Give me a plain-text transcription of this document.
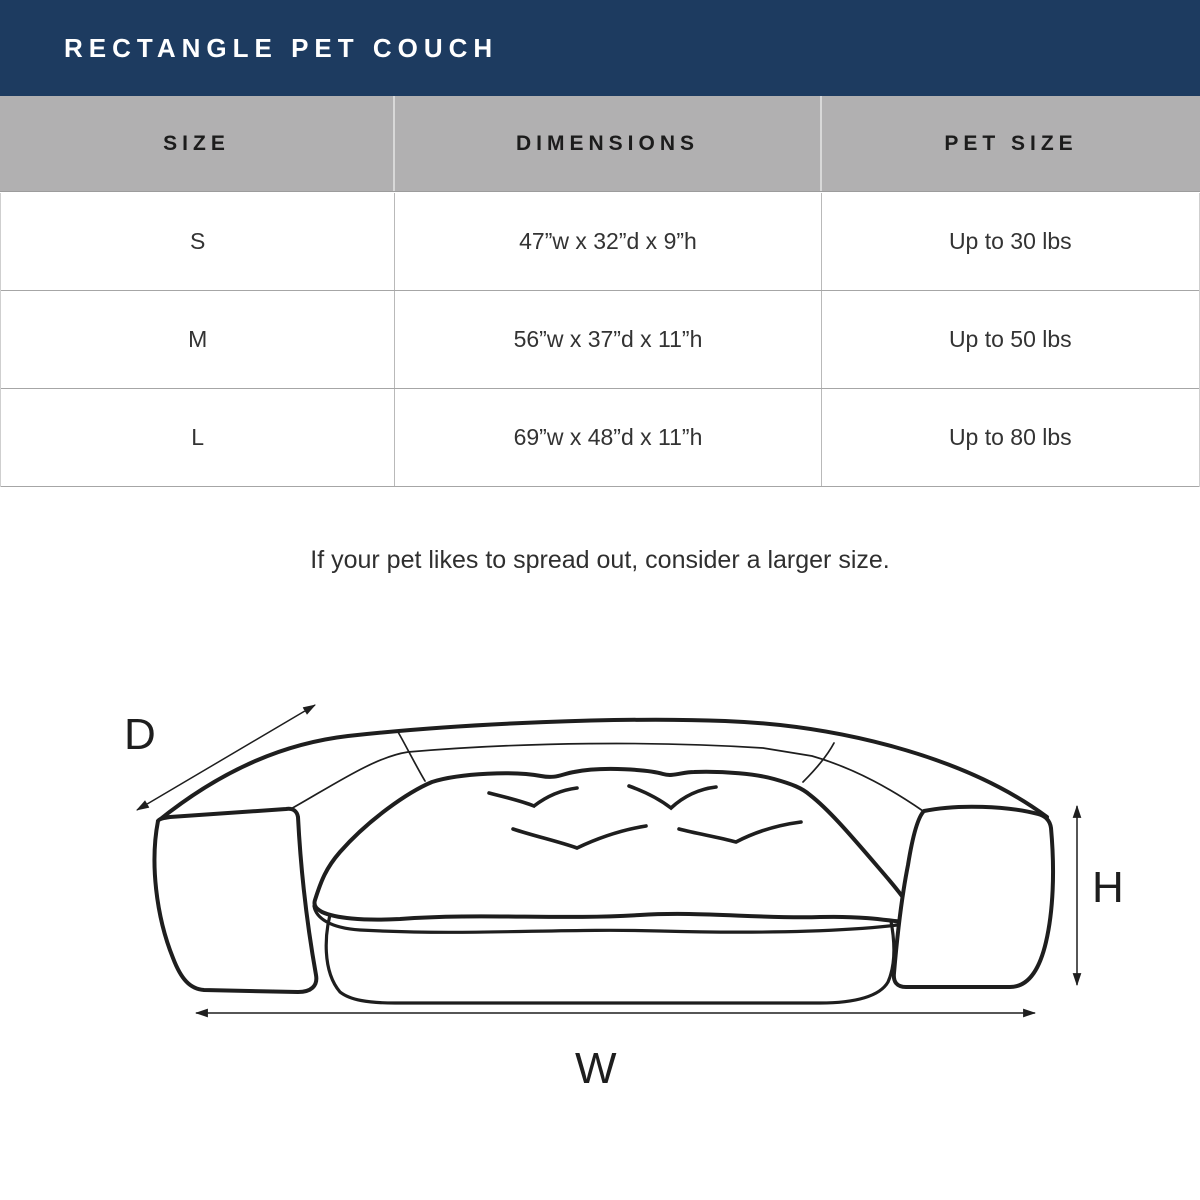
RECTANGLE PET COUCH
SIZE	DIMENSIONS	PET SIZE
S	47”w x 32”d x 9”h	Up to 30 lbs
M	56”w x 37”d x 11”h	Up to 50 lbs
L	69”w x 48”d x 11”h	Up to 80 lbs

If your pet likes to spread out, consider a larger size.

D
H
W
